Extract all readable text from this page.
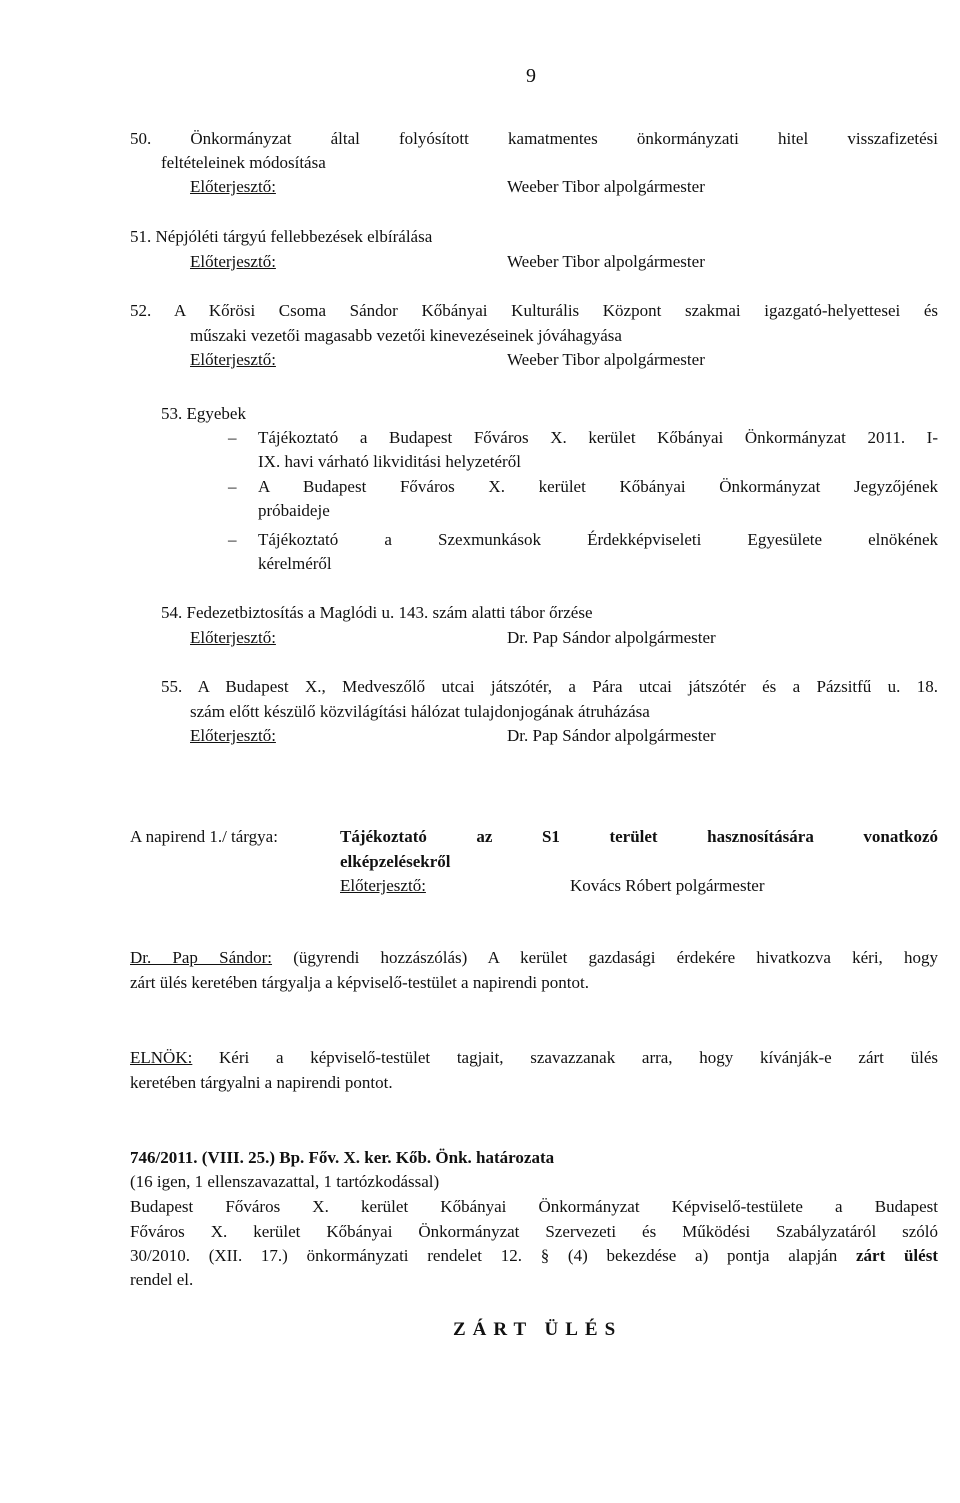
9
50. Önkormányzat által folyósított kamatmentes önkormányzati hitel visszafizetési
feltételeinek módosítása
Előterjesztő:	Weeber Tibor alpolgármester
51. Népjóléti tárgyú fellebbezések elbírálása
Előterjesztő:	Weeber Tibor alpolgármester
52. A Kőrösi Csoma Sándor Kőbányai Kulturális Központ szakmai igazgató-helyettesei és
műszaki vezetői magasabb vezetői kinevezéseinek jóváhagyása
Előterjesztő:	Weeber Tibor alpolgármester
53. Egyebek
– Tájékoztató a Budapest Főváros X. kerület Kőbányai Önkormányzat 2011. I-
IX. havi várható likviditási helyzetéről
– A Budapest Főváros X. kerület Kőbányai Önkormányzat Jegyzőjének
próbaideje
– Tájékoztató a Szexmunkások Érdekképviseleti Egyesülete elnökének
kérelméről
54. Fedezetbiztosítás a Maglódi u. 143. szám alatti tábor őrzése
Előterjesztő:	Dr. Pap Sándor alpolgármester
55. A Budapest X., Medveszőlő utcai játszótér, a Pára utcai játszótér és a Pázsitfű u. 18.
szám előtt készülő közvilágítási hálózat tulajdonjogának átruházása
Előterjesztő:	Dr. Pap Sándor alpolgármester
A napirend 1./ tárgya:	Tájékoztató az S1 terület hasznosítására vonatkozó
elképzelésekről
Előterjesztő:	Kovács Róbert polgármester
Dr. Pap Sándor: (ügyrendi hozzászólás) A kerület gazdasági érdekére hivatkozva kéri, hogy
zárt ülés keretében tárgyalja a képviselő-testület a napirendi pontot.
ELNÖK: Kéri a képviselő-testület tagjait, szavazzanak arra, hogy kívánják-e zárt ülés
keretében tárgyalni a napirendi pontot.
746/2011. (VIII. 25.) Bp. Főv. X. ker. Kőb. Önk. határozata
(16 igen, 1 ellenszavazattal, 1 tartózkodással)
Budapest Főváros X. kerület Kőbányai Önkormányzat Képviselő-testülete a Budapest
Főváros X. kerület Kőbányai Önkormányzat Szervezeti és Működési Szabályzatáról szóló
30/2010. (XII. 17.) önkormányzati rendelet 12. § (4) bekezdése a) pontja alapján zárt ülést
rendel el.
ZÁRT ÜLÉS
